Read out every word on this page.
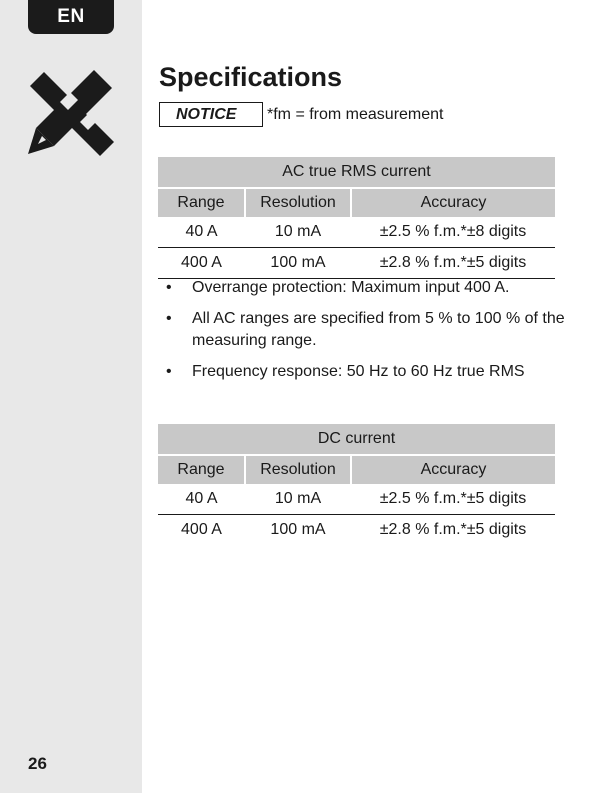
EN
26
Specifications
NOTICE	*fm = from measurement
AC true RMS current		
Range	Resolution	Accuracy
40 A	10 mA	±2.5 % f.m.*±8 digits
400 A	100 mA	±2.8 % f.m.*±5 digits
• Overrange protection: Maximum input 400 A.
• All AC ranges are specified from 5 % to 100 % of the measuring range.
• Frequency response: 50 Hz to 60 Hz true RMS
DC current		
Range	Resolution	Accuracy
40 A	10 mA	±2.5 % f.m.*±5 digits
400 A	100 mA	±2.8 % f.m.*±5 digits
